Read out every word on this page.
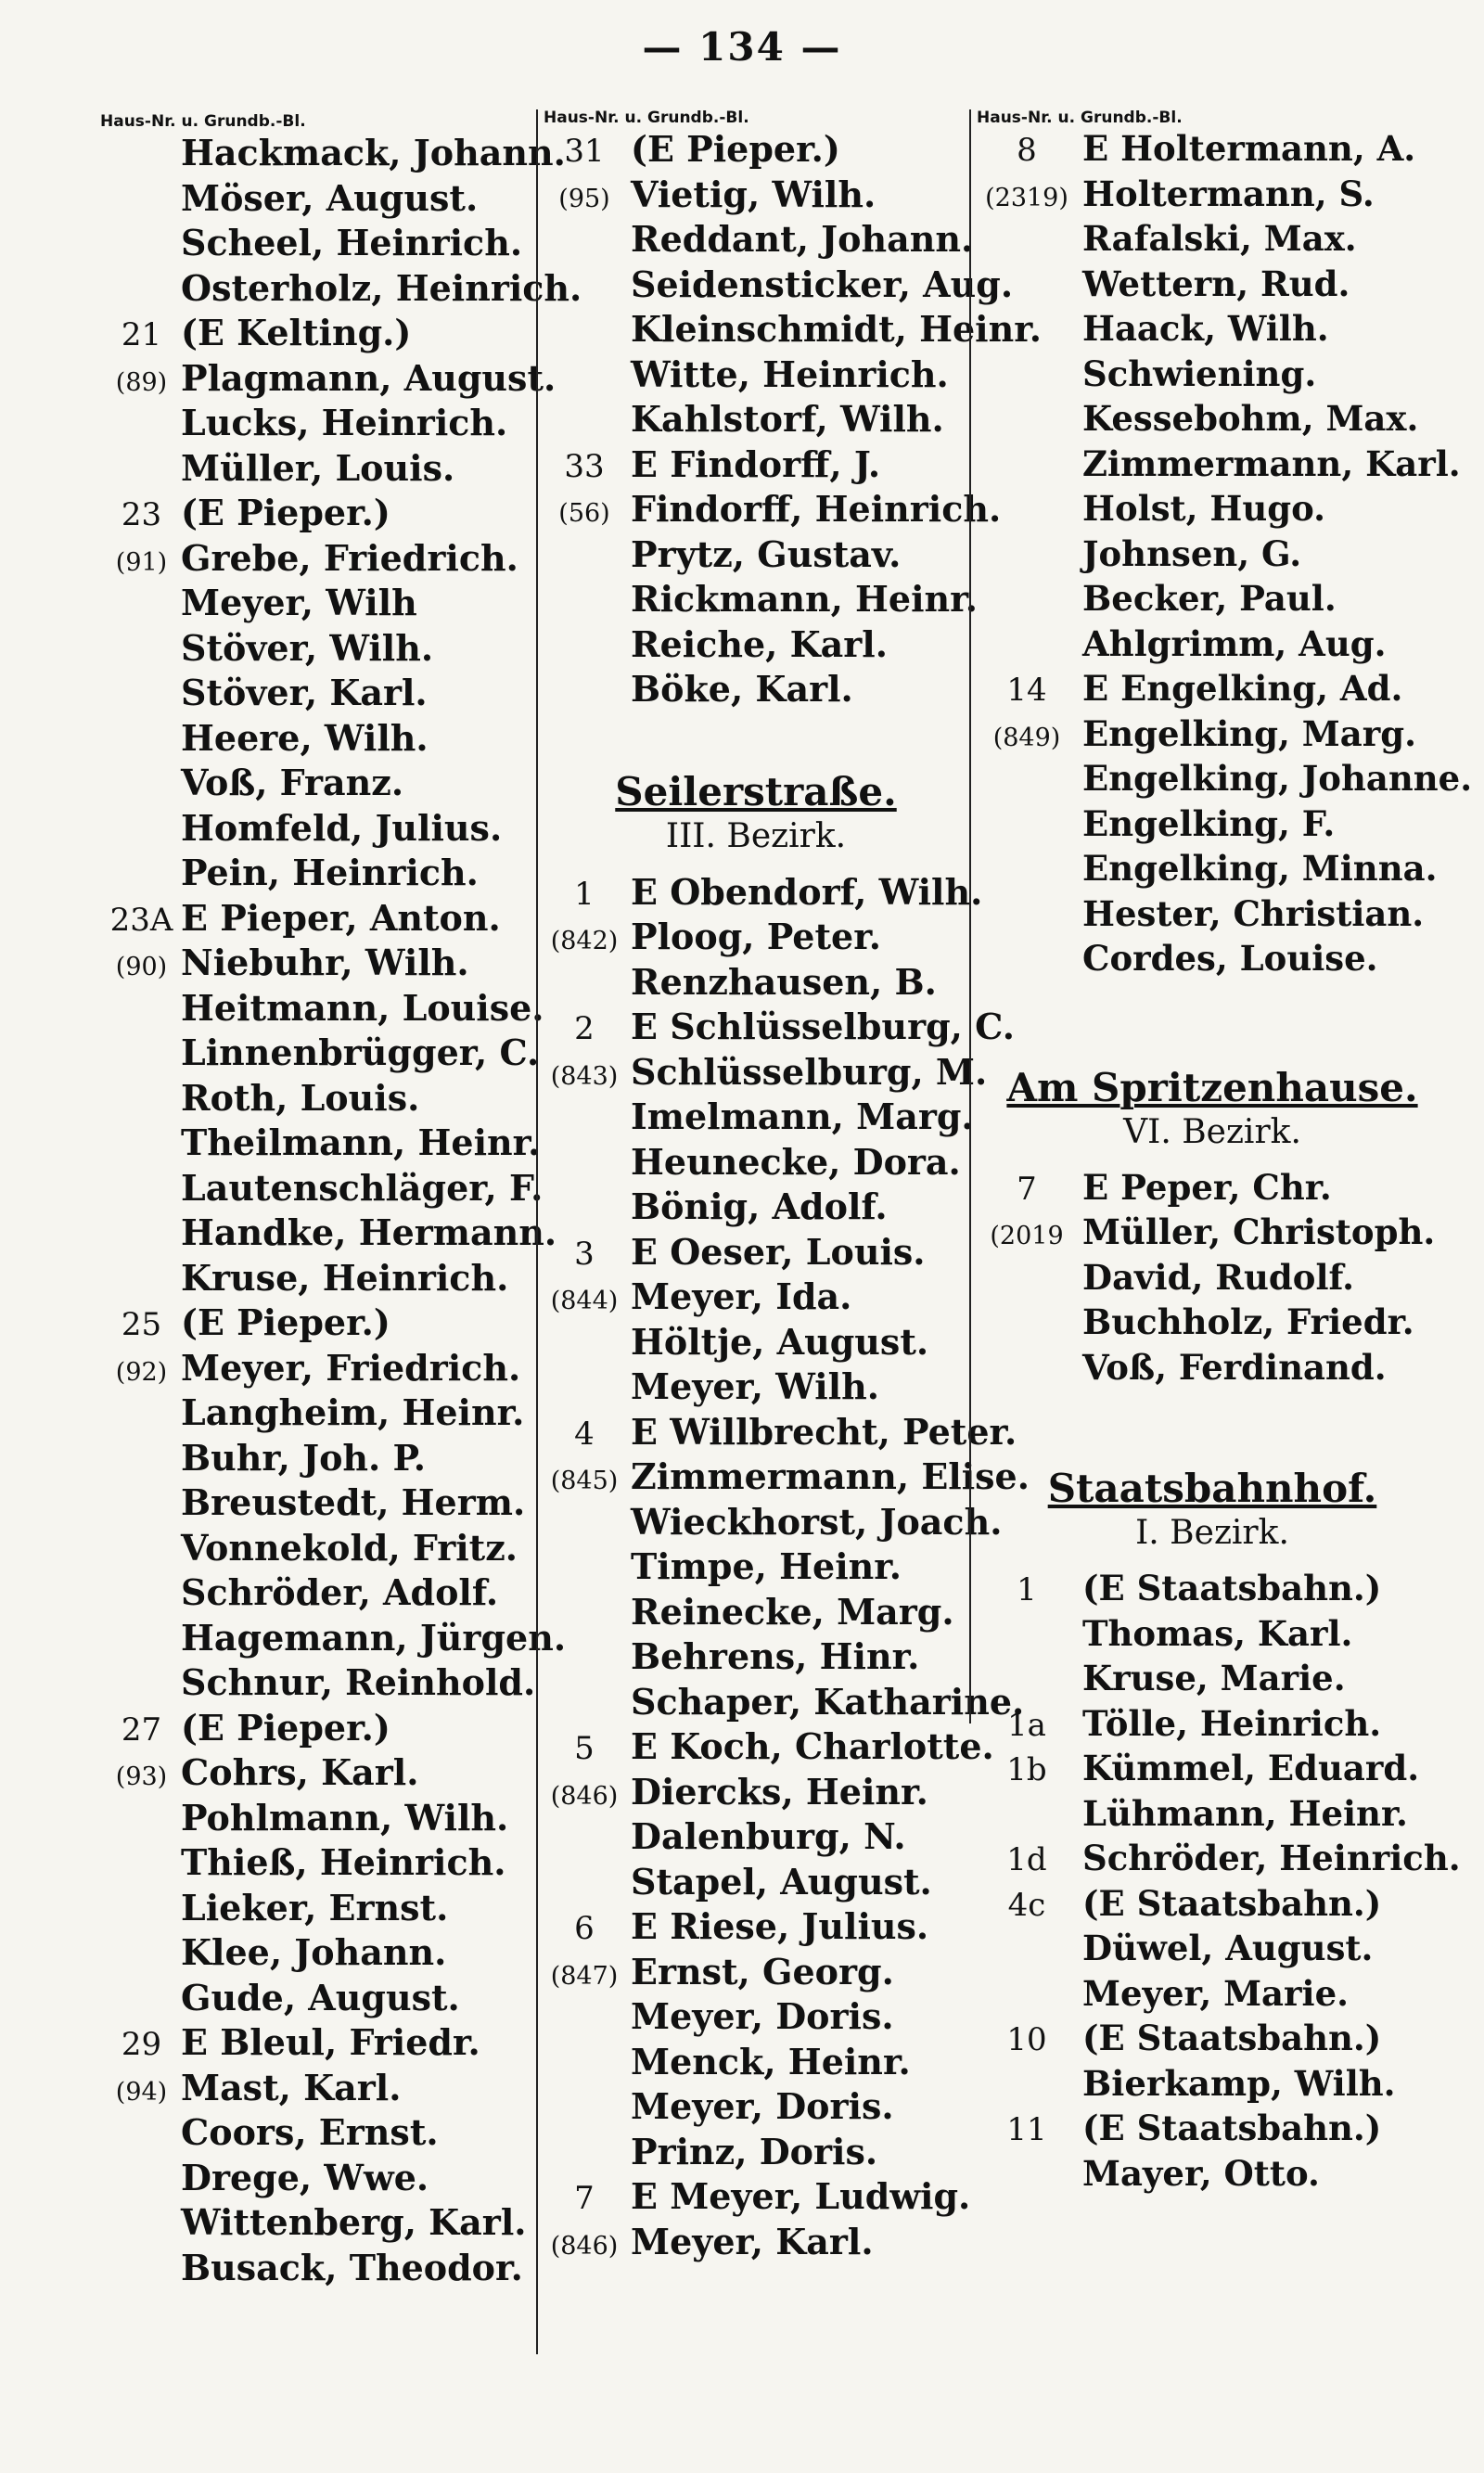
— 134 —
Haus-Nr. u. Grundb.-Bl.
Hackmack, Johann.
Möser, August.
Scheel, Heinrich.
Osterholz, Heinrich.
21 (E Kelting.)
(89) Plagmann, August.
Lucks, Heinrich.
Müller, Louis.
23 (E Pieper.)
(91) Grebe, Friedrich.
Meyer, Wilh
Stöver, Wilh.
Stöver, Karl.
Heere, Wilh.
Voß, Franz.
Homfeld, Julius.
Pein, Heinrich.
23A E Pieper, Anton.
(90) Niebuhr, Wilh.
Heitmann, Louise.
Linnenbrügger, C.
Roth, Louis.
Theilmann, Heinr.
Lautenschläger, F.
Handke, Hermann.
Kruse, Heinrich.
25 (E Pieper.)
(92) Meyer, Friedrich.
Langheim, Heinr.
Buhr, Joh. P.
Breustedt, Herm.
Vonnekold, Fritz.
Schröder, Adolf.
Hagemann, Jürgen.
Schnur, Reinhold.
27 (E Pieper.)
(93) Cohrs, Karl.
Pohlmann, Wilh.
Thieß, Heinrich.
Lieker, Ernst.
Klee, Johann.
Gude, August.
29 E Bleul, Friedr.
(94) Mast, Karl.
Coors, Ernst.
Drege, Wwe.
Wittenberg, Karl.
Busack, Theodor.
Haus-Nr. u. Grundb.-Bl.
31 (E Pieper.)
(95) Vietig, Wilh.
Reddant, Johann.
Seidensticker, Aug.
Kleinschmidt, Heinr.
Witte, Heinrich.
Kahlstorf, Wilh.
33 E Findorff, J.
(56) Findorff, Heinrich.
Prytz, Gustav.
Rickmann, Heinr.
Reiche, Karl.
Böke, Karl.
Seilerstraße.
III. Bezirk.
1	E Obendorf, Wilh.
(842) Ploog, Peter.
Renzhausen, B.
2	E Schlüsselburg, C.
(843) Schlüsselburg, M.
Imelmann, Marg.
Heunecke, Dora.
Bönig, Adolf.
3	E Oeser, Louis.
(844) Meyer, Ida.
Höltje, August.
Meyer, Wilh.
4	E Willbrecht, Peter.
(845) Zimmermann, Elise.
Wieckhorst, Joach.
Timpe, Heinr.
Reinecke, Marg.
Behrens, Hinr.
Schaper, Katharine.
5	E Koch, Charlotte.
(846) Diercks, Heinr.
Dalenburg, N.
Stapel, August.
6	E Riese, Julius.
(847) Ernst, Georg.
Meyer, Doris.
Menck, Heinr.
Meyer, Doris.
Prinz, Doris.
7	E Meyer, Ludwig.
(846) Meyer, Karl.
Haus-Nr. u. Grundb.-Bl.
8	E Holtermann, A.
(2319) Holtermann, S.
Rafalski, Max.
Wettern, Rud.
Haack, Wilh.
Schwiening.
Kessebohm, Max.
Zimmermann, Karl.
Holst, Hugo.
Johnsen, G.
Becker, Paul.
Ahlgrimm, Aug.
14	E Engelking, Ad.
(849) Engelking, Marg.
Engelking, Johanne.
Engelking, F.
Engelking, Minna.
Hester, Christian.
Cordes, Louise.
Am Spritzenhause.
VI. Bezirk.
7	E Peper, Chr.
(2019 Müller, Christoph.
David, Rudolf.
Buchholz, Friedr.
Voß, Ferdinand.
Staatsbahnhof.
I. Bezirk.
1	(E Staatsbahn.)
Thomas, Karl.
Kruse, Marie.
1a	Tölle, Heinrich.
1b	Kümmel, Eduard.
Lühmann, Heinr.
1d	Schröder, Heinrich.
4c	(E Staatsbahn.)
Düwel, August.
Meyer, Marie.
10	(E Staatsbahn.)
Bierkamp, Wilh.
11	(E Staatsbahn.)
Mayer, Otto.
